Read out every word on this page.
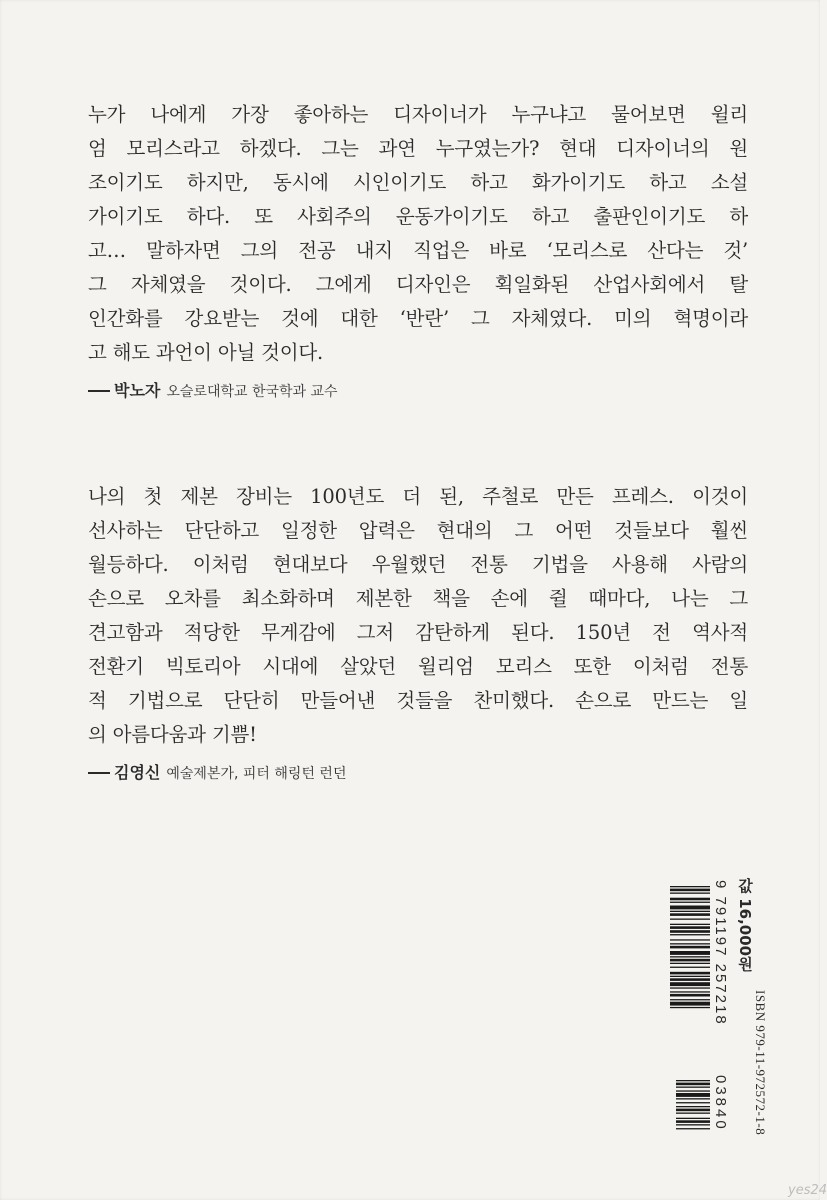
누가 나에게 가장 좋아하는 디자이너가 누구냐고 물어보면 윌리
엄 모리스라고 하겠다. 그는 과연 누구였는가? 현대 디자이너의 원
조이기도 하지만, 동시에 시인이기도 하고 화가이기도 하고 소설
가이기도 하다. 또 사회주의 운동가이기도 하고 출판인이기도 하
고… 말하자면 그의 전공 내지 직업은 바로 ‘모리스로 산다는 것’
그 자체였을 것이다. 그에게 디자인은 획일화된 산업사회에서 탈
인간화를 강요받는 것에 대한 ‘반란’ 그 자체였다. 미의 혁명이라
고 해도 과언이 아닐 것이다.
박노자 오슬로대학교 한국학과 교수
나의 첫 제본 장비는 100년도 더 된, 주철로 만든 프레스. 이것이
선사하는 단단하고 일정한 압력은 현대의 그 어떤 것들보다 훨씬
월등하다. 이처럼 현대보다 우월했던 전통 기법을 사용해 사람의
손으로 오차를 최소화하며 제본한 책을 손에 쥘 때마다, 나는 그
견고함과 적당한 무게감에 그저 감탄하게 된다. 150년 전 역사적
전환기 빅토리아 시대에 살았던 윌리엄 모리스 또한 이처럼 전통
적 기법으로 단단히 만들어낸 것들을 찬미했다. 손으로 만드는 일
의 아름다움과 기쁨!
김영신 예술제본가, 피터 해링턴 런던
9 791197 257218
03840
값 16,000원
ISBN 979-11-972572-1-8
yes24
